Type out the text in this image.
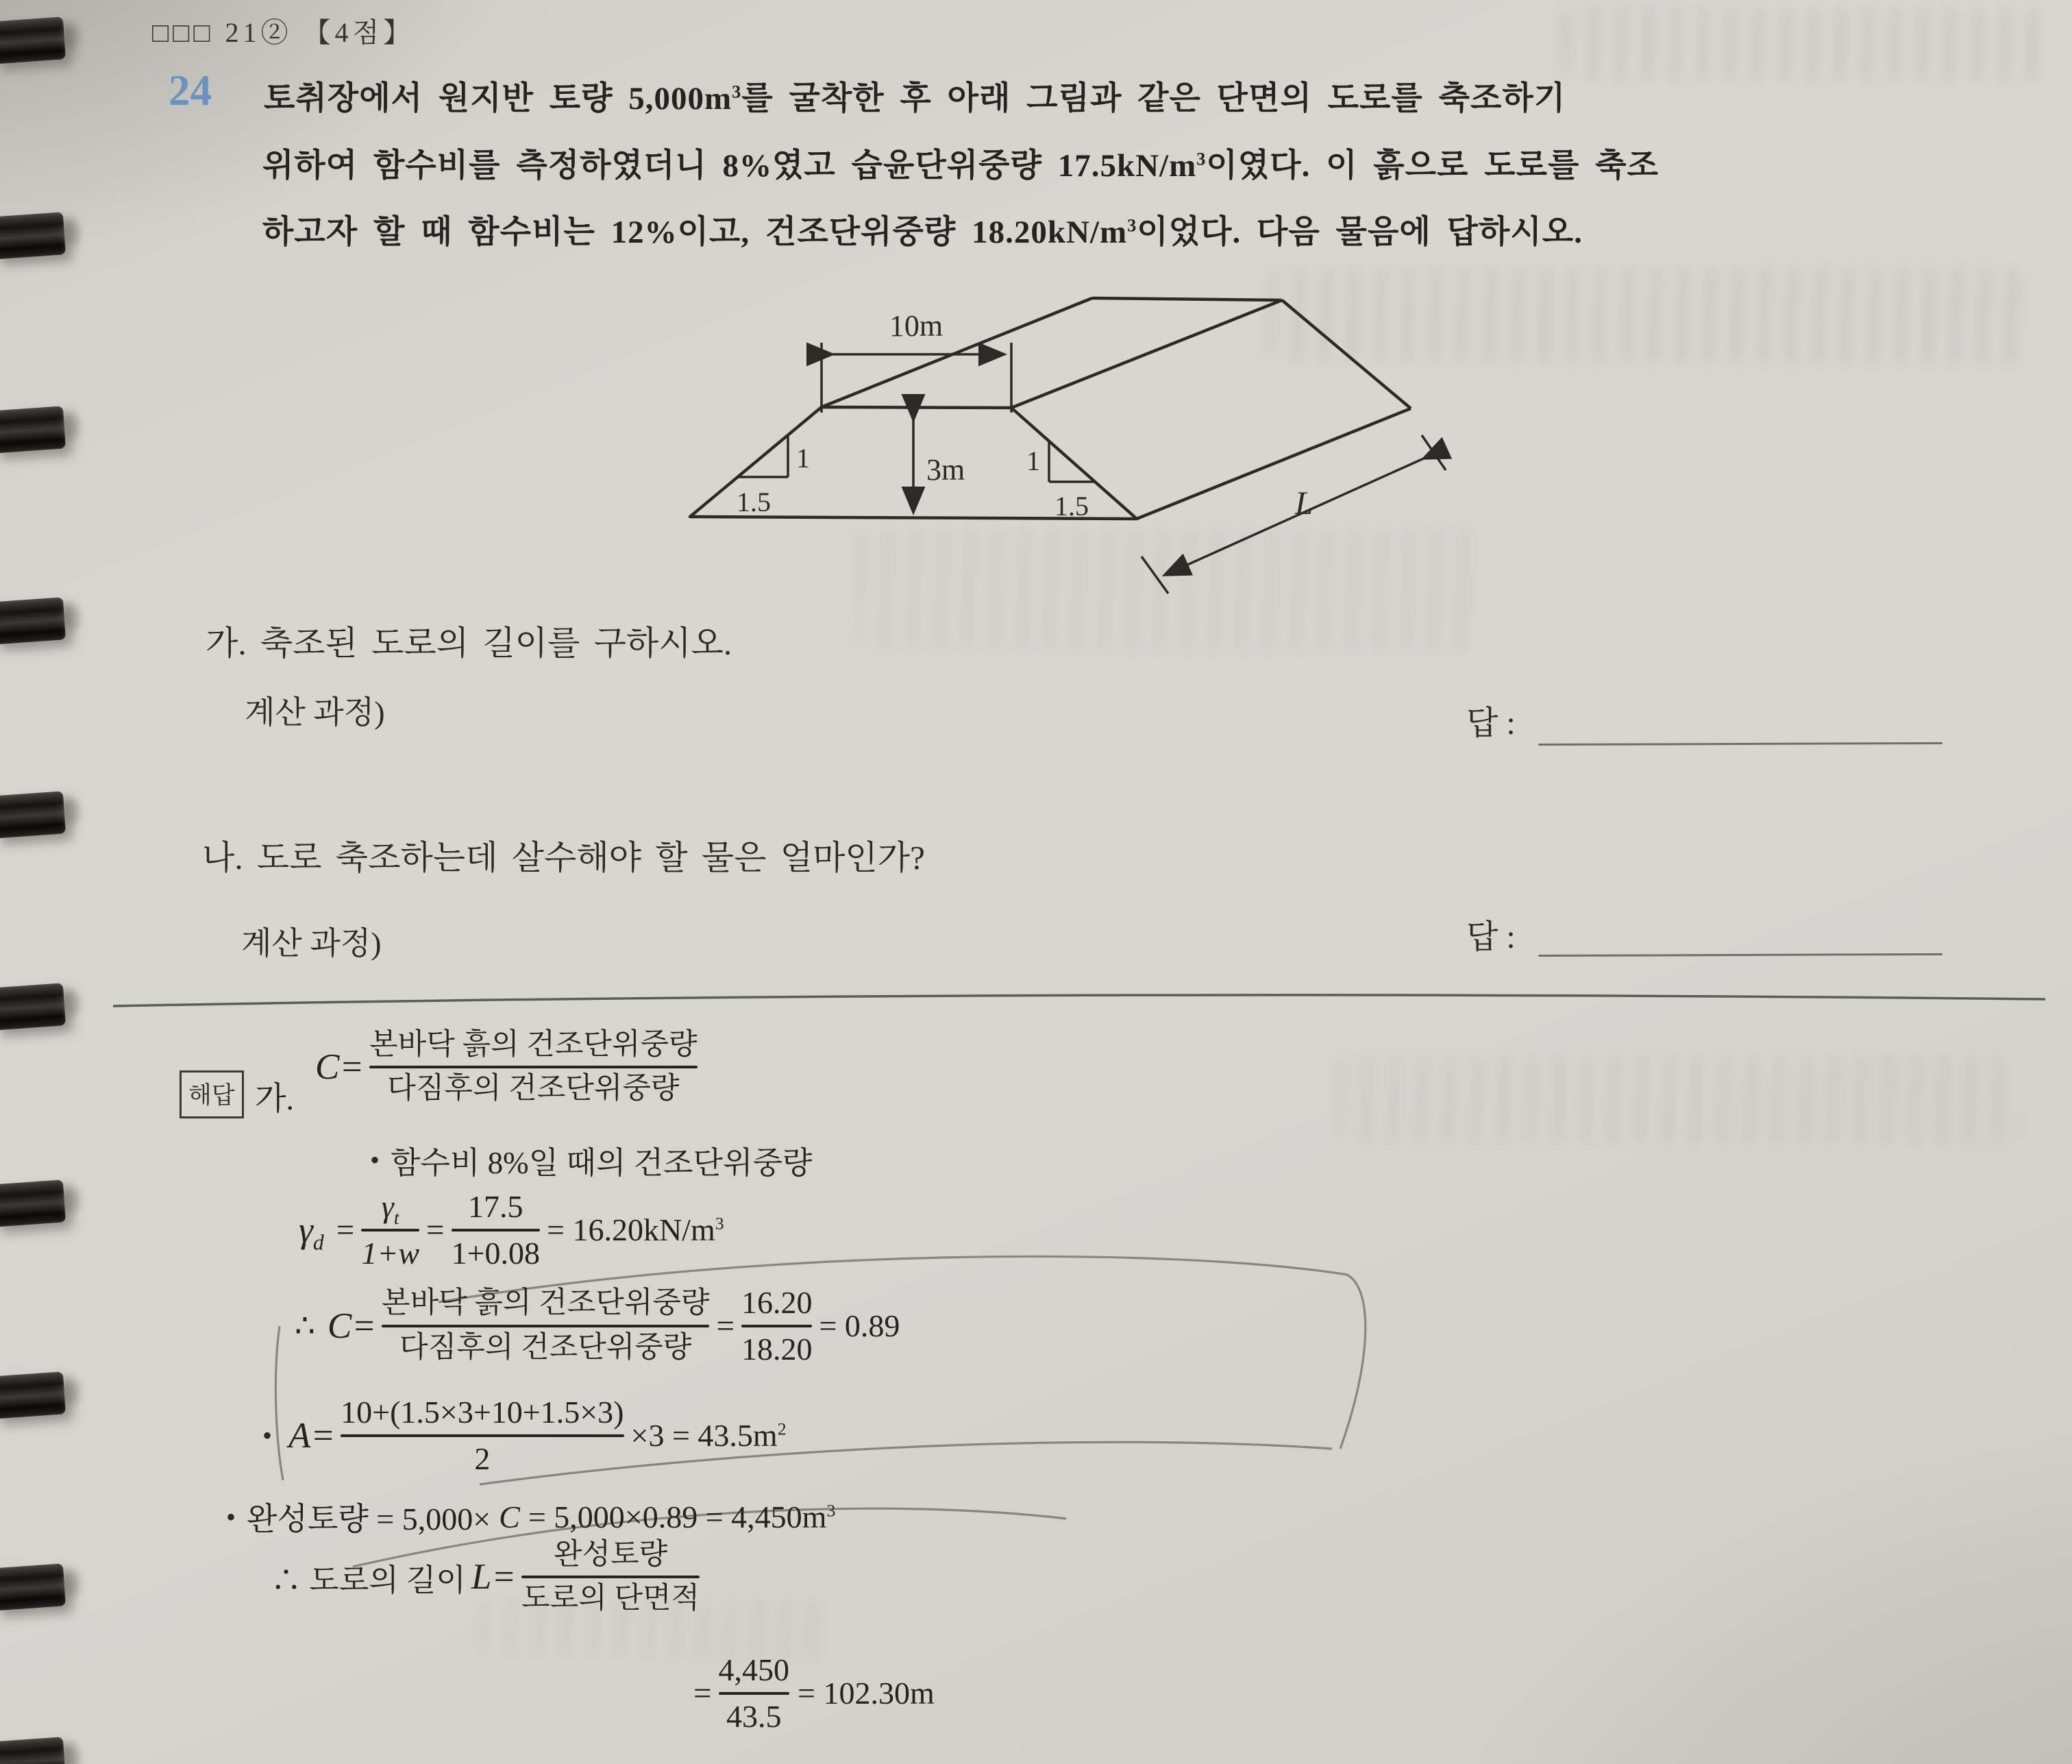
□□□ 21② 【4점】
24 토취장에서 원지반 토량 $5,000m^3$를 굴착한 후 아래 그림과 같은 단면의 도로를 축조하기
위하여 함수비를 측정하였더니 8%였고 습윤단위중량 $17.5kN/m^3$이였다. 이 흙으로 도로를 축조
하고자 할 때 함수비는 12%이고, 건조단위중량 $18.20kN/m^3$이었다. 다음 물음에 답하시오.
10m
3m
1
1.5
1
1.5	L
가. 축조된 도로의 길이를 구하시오.
계산 과정)	답 :
나. 도로 축조하는데 살수해야 할 물은 얼마인가?
계산 과정)	답 :
해답 가.
$C= \frac{\text{본바닥 흙의 건조단위중량}}{\text{다짐후의 건조단위중량}}$
• 함수비 8%일 때의 건조단위중량
$\gamma_d = \frac{\gamma_t}{1+w} = \frac{17.5}{1+0.08} = 16.20kN/m^3$
∴ $C= \frac{\text{본바닥 흙의 건조단위중량}}{\text{다짐후의 건조단위중량}} = \frac{16.20}{18.20} = 0.89$
• $A= \frac{10+(1.5\times 3+10+1.5\times 3)}{2} \times 3 = 43.5m^2$
• 완성토량 = $5,000\times C = 5,000\times 0.89 = 4,450m^3$
∴ 도로의 길이 $L= \frac{\text{완성토량}}{\text{도로의 단면적}}$
= $\frac{4,450}{43.5} = 102.30m$
